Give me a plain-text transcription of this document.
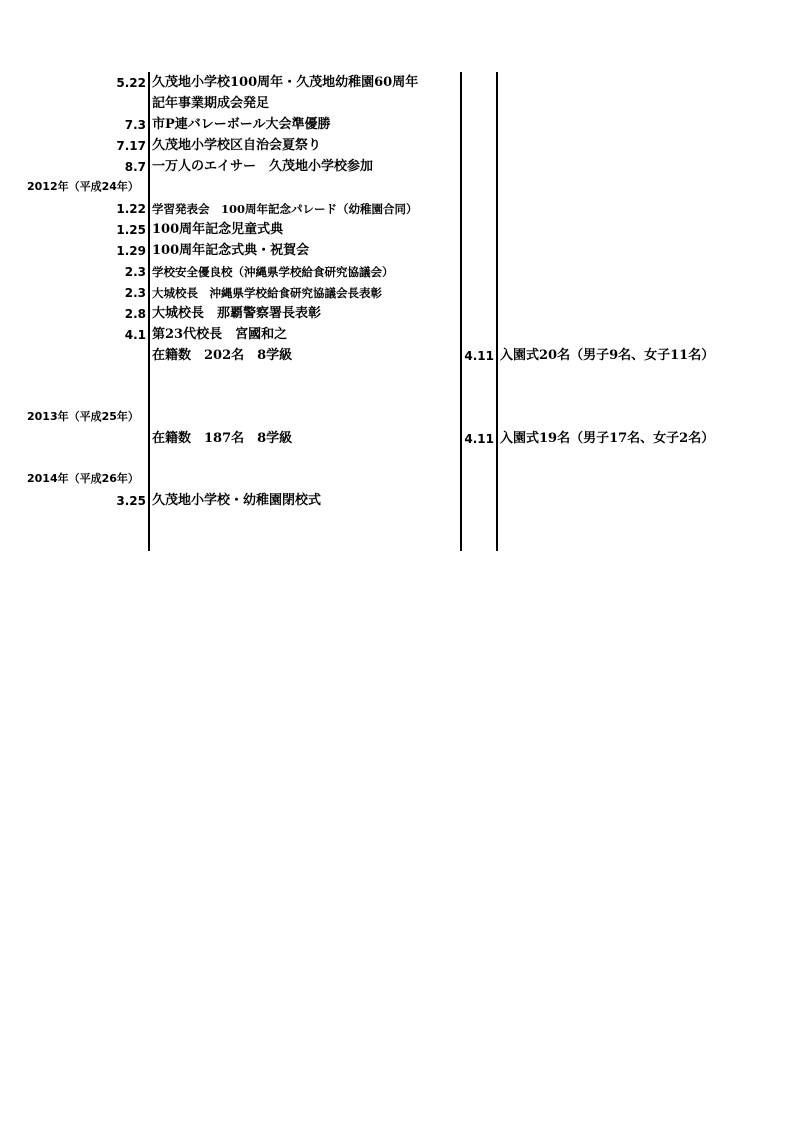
5.22 久茂地小学校100周年・久茂地幼稚園60周年
記年事業期成会発足
7.3 市P連バレーボール大会準優勝
7.17 久茂地小学校区自治会夏祭り
8.7 一万人のエイサー　久茂地小学校参加
2012年（平成24年）
1.22 学習発表会　100周年記念パレード（幼稚園合同）
1.25 100周年記念児童式典
1.29 100周年記念式典・祝賀会
2.3 学校安全優良校（沖縄県学校給食研究協議会）
2.3 大城校長　沖縄県学校給食研究協議会長表彰
2.8 大城校長　那覇警察署長表彰
4.1 第23代校長　宮國和之
在籍数　202名　8学級	4.11 入園式20名（男子9名、女子11名）
2013年（平成25年）
在籍数　187名　8学級	4.11 入園式19名（男子17名、女子2名）
2014年（平成26年）
3.25 久茂地小学校・幼稚園閉校式
